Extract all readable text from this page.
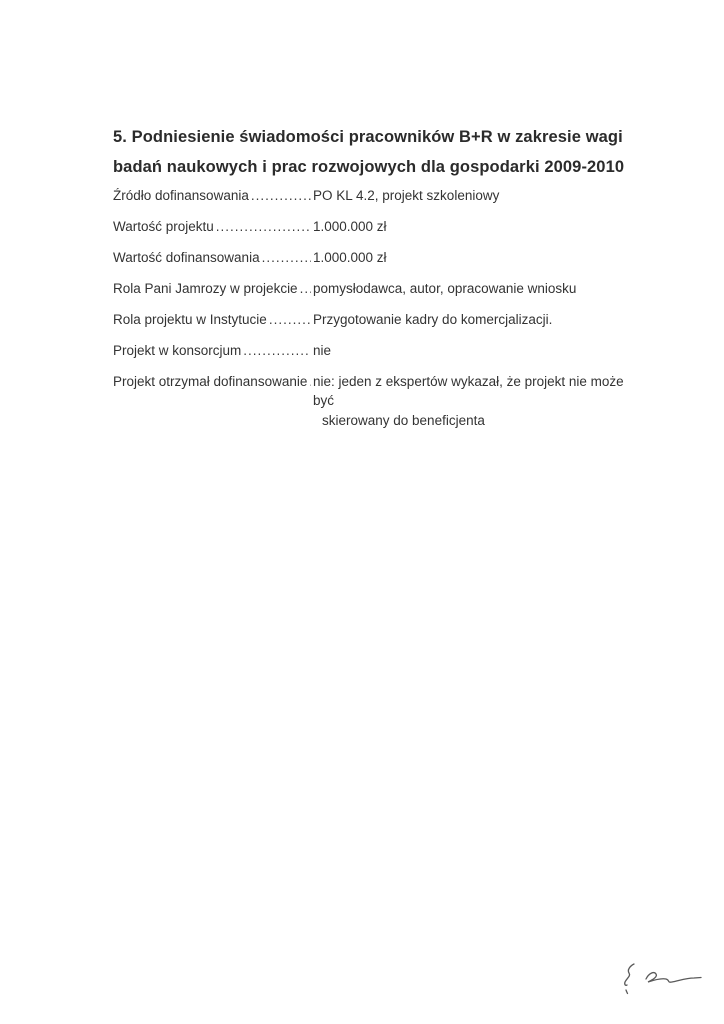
5. Podniesienie świadomości pracowników B+R w zakresie wagi badań naukowych i prac rozwojowych dla gospodarki 2009-2010
Źródło dofinansowania .....	PO KL 4.2, projekt szkoleniowy
Wartość projektu .....	1.000.000 zł
Wartość dofinansowania .....	1.000.000 zł
Rola Pani Jamrozy w projekcie ..... pomysłodawca, autor, opracowanie wniosku
Rola projektu w Instytucie .....	Przygotowanie kadry do komercjalizacji.
Projekt w konsorcjum .....	nie
Projekt otrzymał dofinansowanie ..... nie: jeden z ekspertów wykazał, że projekt nie może być
skierowany do beneficjenta
